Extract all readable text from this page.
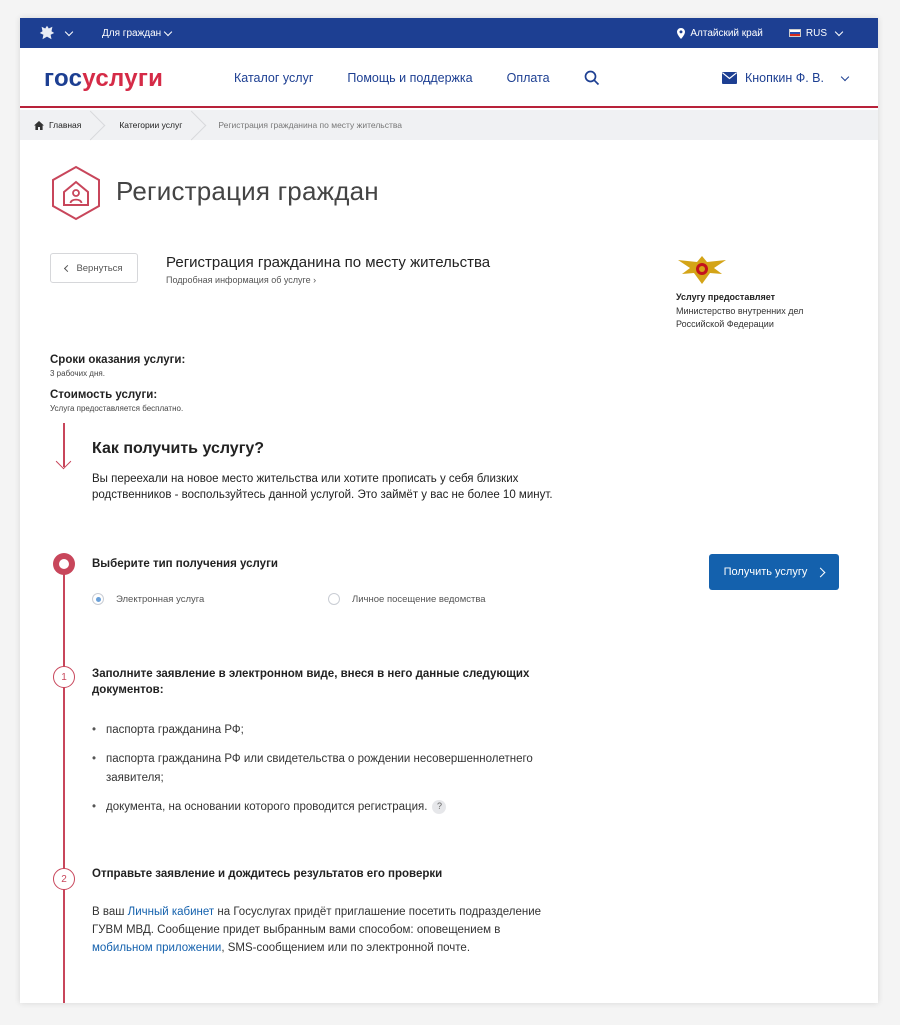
Для граждан	Алтайский край	RUS
госуслуги	Каталог услуг	Помощь и поддержка	Оплата	Кнопкин Ф. В.
Главная	Категории услуг	Регистрация гражданина по месту жительства
Регистрация граждан
Вернуться	Регистрация гражданина по месту жительства
Подробная информация об услуге ›
Услугу предоставляет
Министерство внутренних дел Российской Федерации
Сроки оказания услуги:
3 рабочих дня.
Стоимость услуги:
Услуга предоставляется бесплатно.
Как получить услугу?

Вы переехали на новое место жительства или хотите прописать у себя близких родственников - воспользуйтесь данной услугой. Это займёт у вас не более 10 минут.

Выберите тип получения услуги
Электронная услуга	Личное посещение ведомства
Получить услугу
1	Заполните заявление в электронном виде, внеся в него данные следующих документов:
• паспорта гражданина РФ;
• паспорта гражданина РФ или свидетельства о рождении несовершеннолетнего заявителя;
• документа, на основании которого проводится регистрация. ?
2	Отправьте заявление и дождитесь результатов его проверки

В ваш Личный кабинет на Госуслугах придёт приглашение посетить подразделение ГУВМ МВД. Сообщение придет выбранным вами способом: оповещением в мобильном приложении, SMS-сообщением или по электронной почте.
